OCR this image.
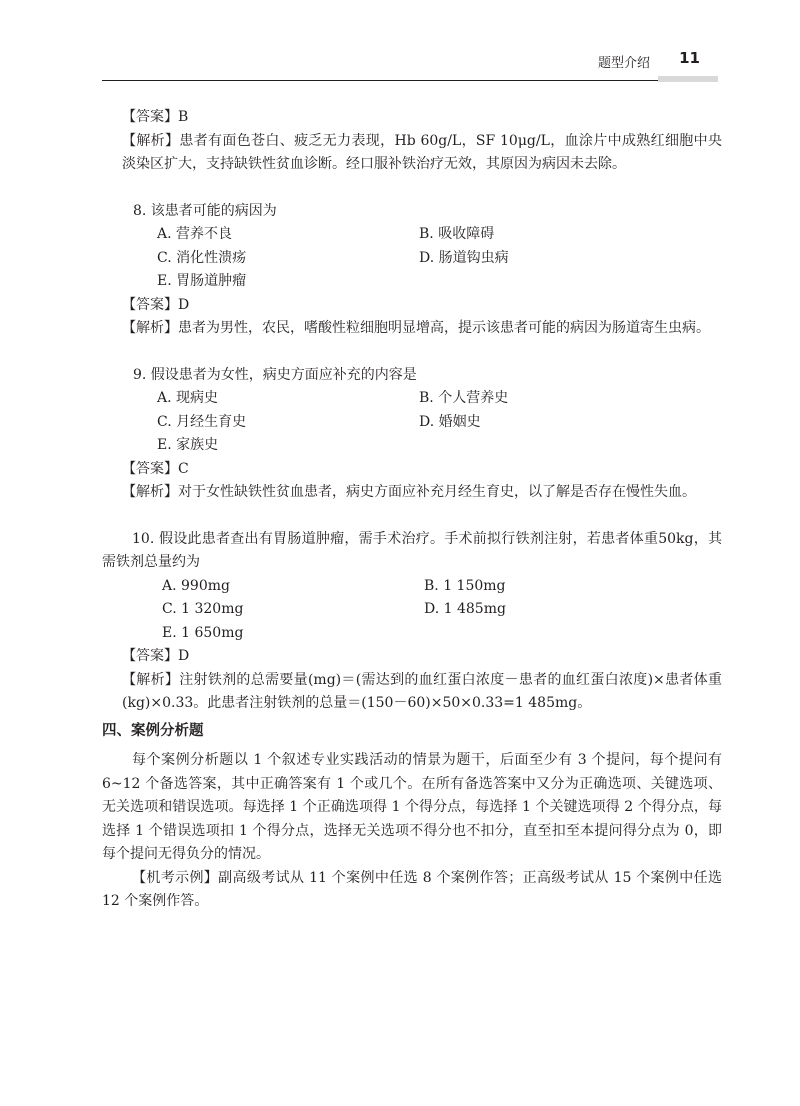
题型介绍 11
【答案】B
【解析】患者有面色苍白、疲乏无力表现，Hb 60g/L，SF 10μg/L，血涂片中成熟红细胞中央淡染区扩大，支持缺铁性贫血诊断。经口服补铁治疗无效，其原因为病因未去除。
8. 该患者可能的病因为
A. 营养不良	B. 吸收障碍
C. 消化性溃疡	D. 肠道钩虫病
E. 胃肠道肿瘤
【答案】D
【解析】患者为男性，农民，嗜酸性粒细胞明显增高，提示该患者可能的病因为肠道寄生虫病。
9. 假设患者为女性，病史方面应补充的内容是
A. 现病史	B. 个人营养史
C. 月经生育史	D. 婚姻史
E. 家族史
【答案】C
【解析】对于女性缺铁性贫血患者，病史方面应补充月经生育史，以了解是否存在慢性失血。
10. 假设此患者查出有胃肠道肿瘤，需手术治疗。手术前拟行铁剂注射，若患者体重50kg，其需铁剂总量约为
A. 990mg	B. 1 150mg
C. 1 320mg	D. 1 485mg
E. 1 650mg
【答案】D
【解析】注射铁剂的总需要量(mg)＝(需达到的血红蛋白浓度－患者的血红蛋白浓度)×患者体重(kg)×0.33。此患者注射铁剂的总量＝(150－60)×50×0.33=1 485mg。
四、案例分析题
每个案例分析题以 1 个叙述专业实践活动的情景为题干，后面至少有 3 个提问，每个提问有 6~12 个备选答案，其中正确答案有 1 个或几个。在所有备选答案中又分为正确选项、关键选项、无关选项和错误选项。每选择 1 个正确选项得 1 个得分点，每选择 1 个关键选项得 2 个得分点，每选择 1 个错误选项扣 1 个得分点，选择无关选项不得分也不扣分，直至扣至本提问得分点为 0，即每个提问无得负分的情况。
【机考示例】副高级考试从 11 个案例中任选 8 个案例作答；正高级考试从 15 个案例中任选 12 个案例作答。
